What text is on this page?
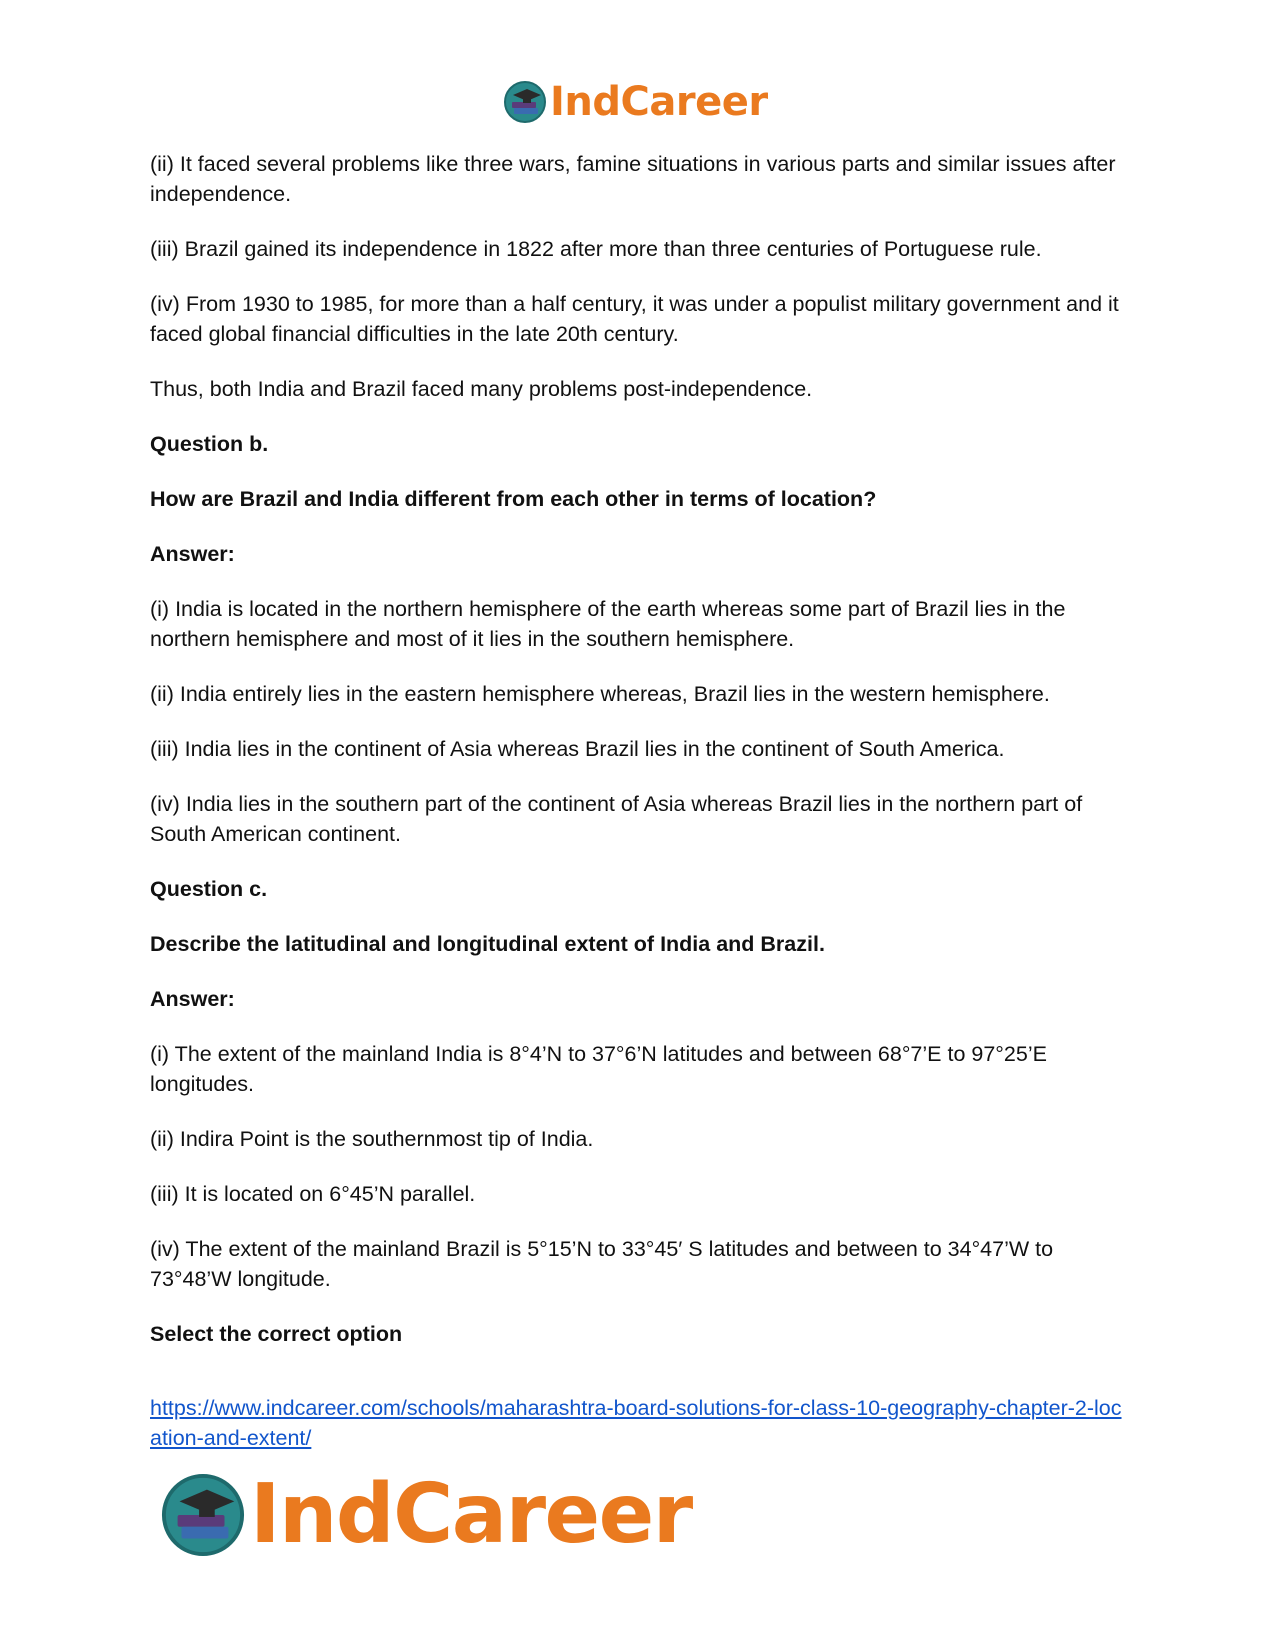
IndCareer

(ii) It faced several problems like three wars, famine situations in various parts and similar issues after independence.

(iii) Brazil gained its independence in 1822 after more than three centuries of Portuguese rule.

(iv) From 1930 to 1985, for more than a half century, it was under a populist military government and it faced global financial difficulties in the late 20th century.

Thus, both India and Brazil faced many problems post-independence.

Question b.

How are Brazil and India different from each other in terms of location?

Answer:

(i) India is located in the northern hemisphere of the earth whereas some part of Brazil lies in the northern hemisphere and most of it lies in the southern hemisphere.

(ii) India entirely lies in the eastern hemisphere whereas, Brazil lies in the western hemisphere.

(iii) India lies in the continent of Asia whereas Brazil lies in the continent of South America.

(iv) India lies in the southern part of the continent of Asia whereas Brazil lies in the northern part of South American continent.

Question c.

Describe the latitudinal and longitudinal extent of India and Brazil.

Answer:

(i) The extent of the mainland India is 8°4’N to 37°6’N latitudes and between 68°7’E to 97°25’E longitudes.

(ii) Indira Point is the southernmost tip of India.

(iii) It is located on 6°45’N parallel.

(iv) The extent of the mainland Brazil is 5°15’N to 33°45′ S latitudes and between to 34°47’W to 73°48’W longitude.

Select the correct option

https://www.indcareer.com/schools/maharashtra-board-solutions-for-class-10-geography-chapter-2-location-and-extent/
IndCareer
